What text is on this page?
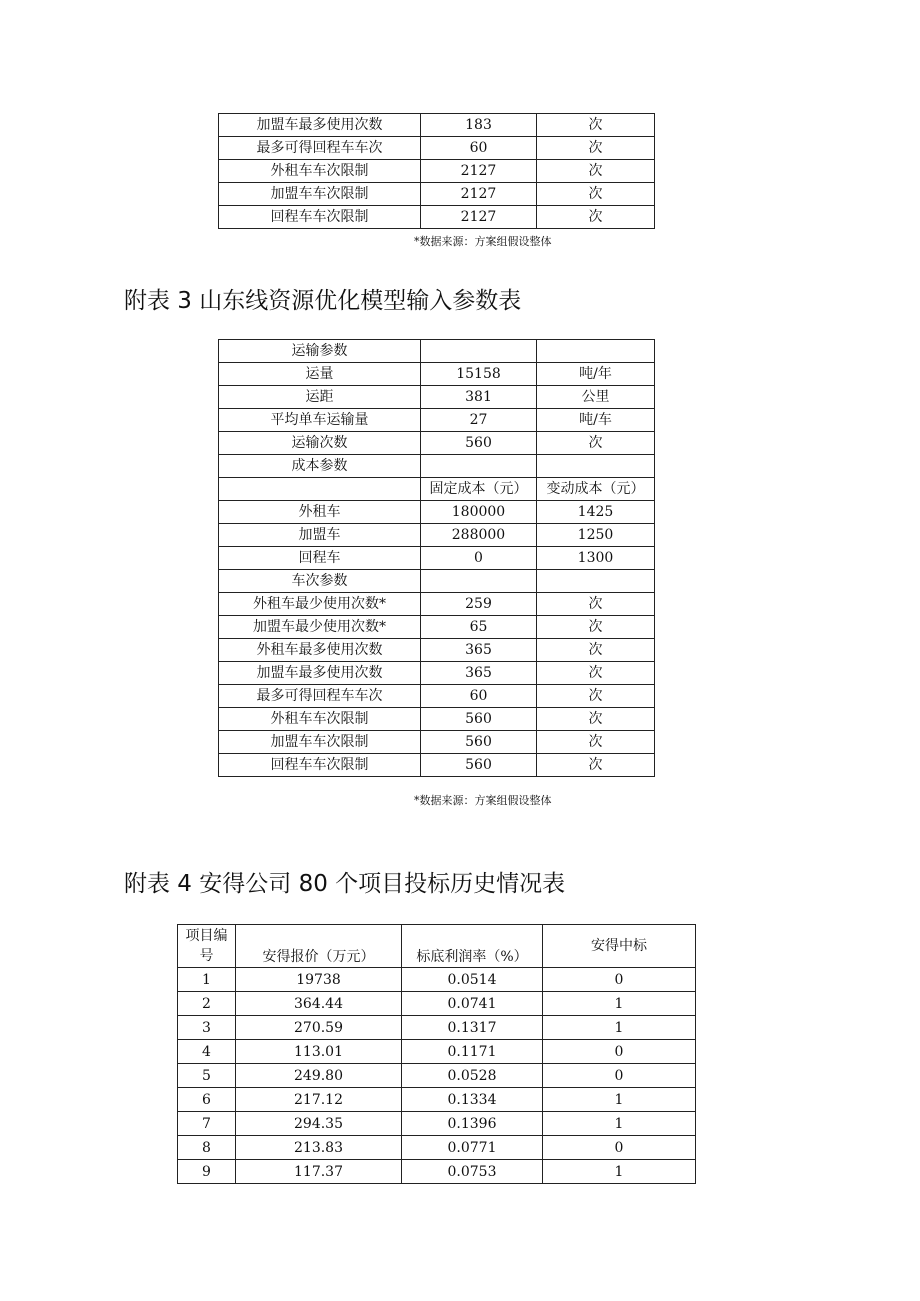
加盟车最多使用次数	183	次
最多可得回程车车次	60	次
外租车车次限制	2127	次
加盟车车次限制	2127	次
回程车车次限制	2127	次
*数据来源：方案组假设整体
附表 3 山东线资源优化模型输入参数表
运输参数		
运量	15158	吨/年
运距	381	公里
平均单车运输量	27	吨/车
运输次数	560	次
成本参数		
	固定成本（元）	变动成本（元）
外租车	180000	1425
加盟车	288000	1250
回程车	0	1300
车次参数		
外租车最少使用次数*	259	次
加盟车最少使用次数*	65	次
外租车最多使用次数	365	次
加盟车最多使用次数	365	次
最多可得回程车车次	60	次
外租车车次限制	560	次
加盟车车次限制	560	次
回程车车次限制	560	次
*数据来源：方案组假设整体
附表 4 安得公司 80 个项目投标历史情况表
项目编
号	安得报价（万元）	标底利润率（%）	安得中标
1	19738	0.0514	0
2	364.44	0.0741	1
3	270.59	0.1317	1
4	113.01	0.1171	0
5	249.80	0.0528	0
6	217.12	0.1334	1
7	294.35	0.1396	1
8	213.83	0.0771	0
9	117.37	0.0753	1
